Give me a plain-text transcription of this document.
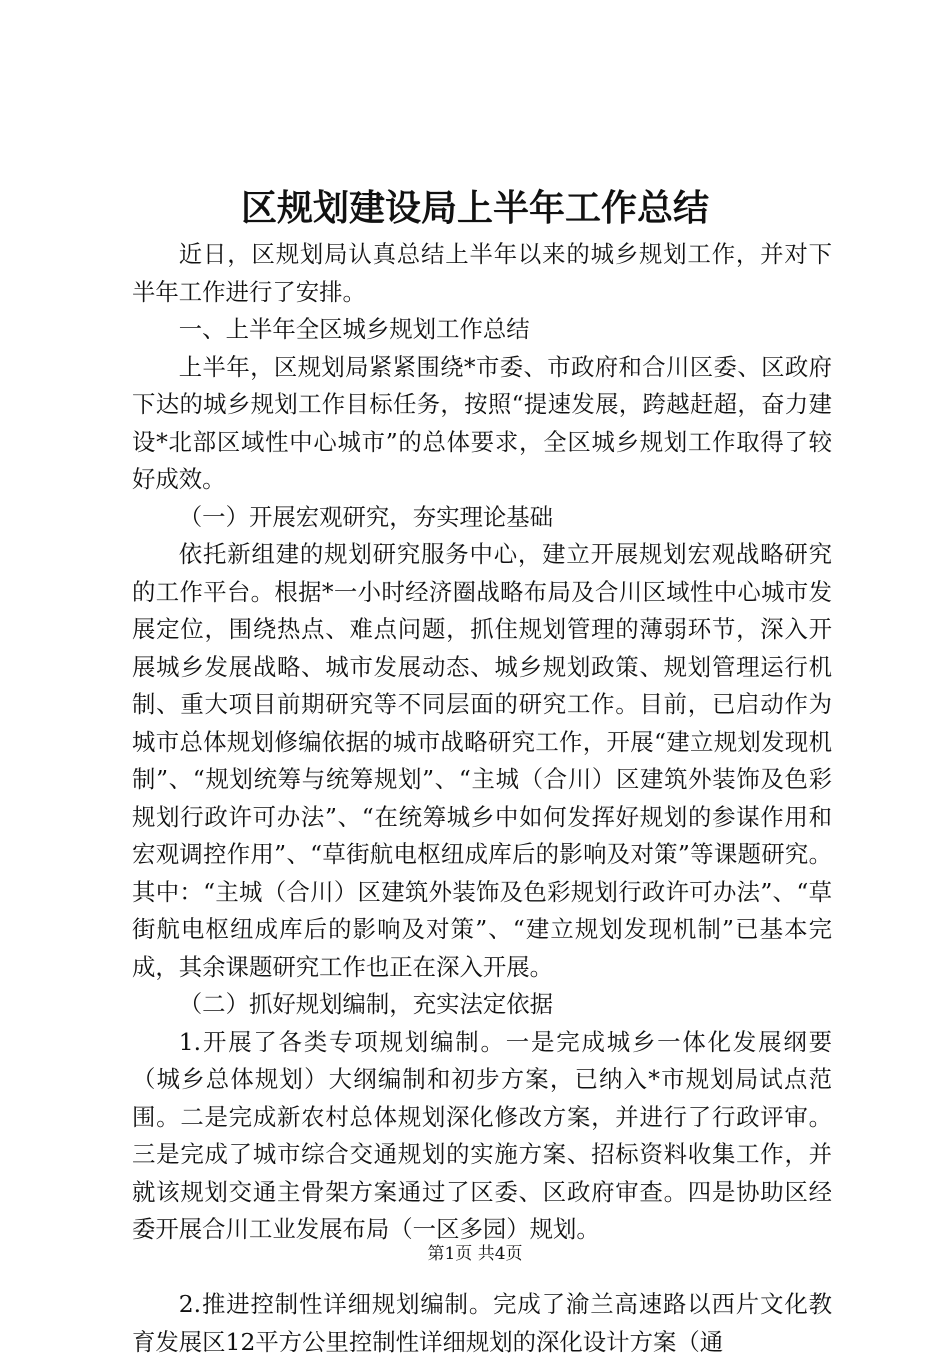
区规划建设局上半年工作总结

近日，区规划局认真总结上半年以来的城乡规划工作，并对下半年工作进行了安排。

一、上半年全区城乡规划工作总结

上半年，区规划局紧紧围绕*市委、市政府和合川区委、区政府下达的城乡规划工作目标任务，按照“提速发展，跨越赶超，奋力建设*北部区域性中心城市”的总体要求，全区城乡规划工作取得了较好成效。

（一）开展宏观研究，夯实理论基础

依托新组建的规划研究服务中心，建立开展规划宏观战略研究的工作平台。根据*一小时经济圈战略布局及合川区域性中心城市发展定位，围绕热点、难点问题，抓住规划管理的薄弱环节，深入开展城乡发展战略、城市发展动态、城乡规划政策、规划管理运行机制、重大项目前期研究等不同层面的研究工作。目前，已启动作为城市总体规划修编依据的城市战略研究工作，开展“建立规划发现机制”、“规划统筹与统筹规划”、“主城（合川）区建筑外装饰及色彩规划行政许可办法”、“在统筹城乡中如何发挥好规划的参谋作用和宏观调控作用”、“草街航电枢纽成库后的影响及对策”等课题研究。其中：“主城（合川）区建筑外装饰及色彩规划行政许可办法”、“草街航电枢纽成库后的影响及对策”、“建立规划发现机制”已基本完成，其余课题研究工作也正在深入开展。

（二）抓好规划编制，充实法定依据

1.开展了各类专项规划编制。一是完成城乡一体化发展纲要（城乡总体规划）大纲编制和初步方案，已纳入*市规划局试点范围。二是完成新农村总体规划深化修改方案，并进行了行政评审。三是完成了城市综合交通规划的实施方案、招标资料收集工作，并就该规划交通主骨架方案通过了区委、区政府审查。四是协助区经委开展合川工业发展布局（一区多园）规划。

2.推进控制性详细规划编制。完成了渝兰高速路以西片文化教育发展区12平方公里控制性详细规划的深化设计方案（通

第1页 共4页
